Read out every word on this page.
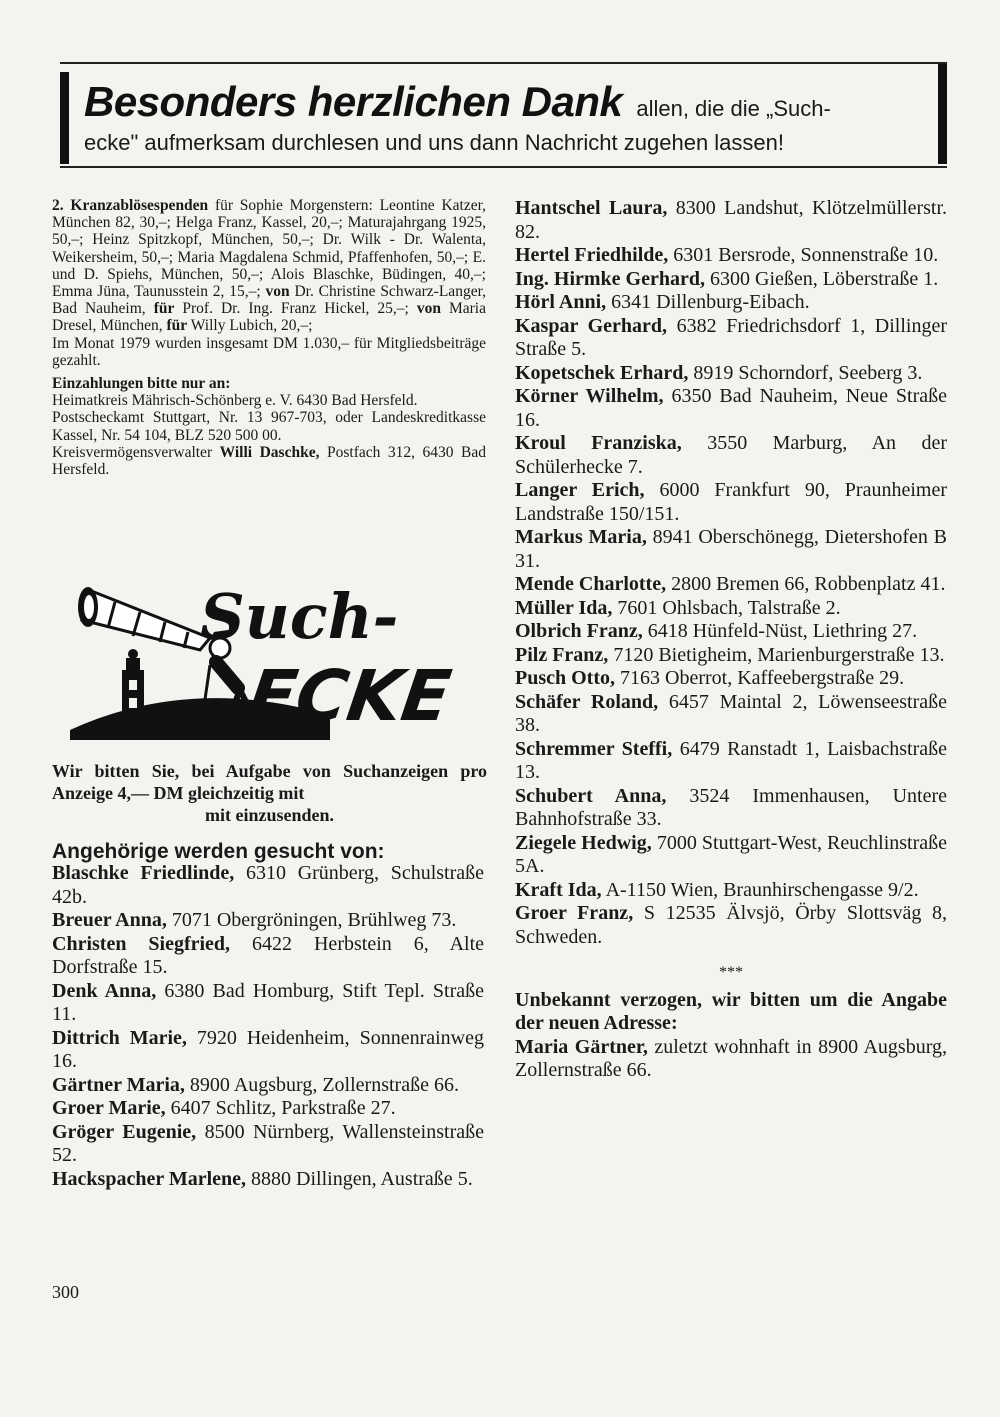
Besonders herzlichen Dank allen, die die „Such-
ecke" aufmerksam durchlesen und uns dann Nachricht zugehen lassen!

2. Kranzablösespenden für Sophie Morgenstern: Leontine Katzer, München 82, 30,–; Helga Franz, Kassel, 20,–; Maturajahrgang 1925, 50,–; Heinz Spitzkopf, München, 50,–; Dr. Wilk - Dr. Walenta, Weikersheim, 50,–; Maria Magdalena Schmid, Pfaffenhofen, 50,–; E. und D. Spiehs, München, 50,–; Alois Blaschke, Büdingen, 40,–; Emma Jüna, Taunusstein 2, 15,–; von Dr. Christine Schwarz-Langer, Bad Nauheim, für Prof. Dr. Ing. Franz Hickel, 25,–; von Maria Dresel, München, für Willy Lubich, 20,–;

Im Monat 1979 wurden insgesamt DM 1.030,– für Mitgliedsbeiträge gezahlt.

Einzahlungen bitte nur an:

Heimatkreis Mährisch-Schönberg e. V. 6430 Bad Hersfeld.

Postscheckamt Stuttgart, Nr. 13 967-703, oder Landeskreditkasse Kassel, Nr. 54 104, BLZ 520 500 00.

Kreisvermögensverwalter Willi Daschke, Postfach 312, 6430 Bad Hersfeld.

Such-
ECKE
Wir bitten Sie, bei Aufgabe von Suchanzeigen pro Anzeige 4,— DM gleichzeitig mit
mit einzusenden.
Angehörige werden gesucht von:

Blaschke Friedlinde, 6310 Grünberg, Schulstraße 42b.

Breuer Anna, 7071 Obergröningen, Brühlweg 73.

Christen Siegfried, 6422 Herbstein 6, Alte Dorfstraße 15.

Denk Anna, 6380 Bad Homburg, Stift Tepl. Straße 11.

Dittrich Marie, 7920 Heidenheim, Sonnenrainweg 16.

Gärtner Maria, 8900 Augsburg, Zollernstraße 66.

Groer Marie, 6407 Schlitz, Parkstraße 27.

Gröger Eugenie, 8500 Nürnberg, Wallensteinstraße 52.

Hackspacher Marlene, 8880 Dillingen, Austraße 5.

Hantschel Laura, 8300 Landshut, Klötzelmüllerstr. 82.

Hertel Friedhilde, 6301 Bersrode, Sonnenstraße 10.

Ing. Hirmke Gerhard, 6300 Gießen, Löberstraße 1.

Hörl Anni, 6341 Dillenburg-Eibach.

Kaspar Gerhard, 6382 Friedrichsdorf 1, Dillinger Straße 5.

Kopetschek Erhard, 8919 Schorndorf, Seeberg 3.

Körner Wilhelm, 6350 Bad Nauheim, Neue Straße 16.

Kroul Franziska, 3550 Marburg, An der Schülerhecke 7.

Langer Erich, 6000 Frankfurt 90, Praunheimer Landstraße 150/151.

Markus Maria, 8941 Oberschönegg, Dietershofen B 31.

Mende Charlotte, 2800 Bremen 66, Robbenplatz 41.

Müller Ida, 7601 Ohlsbach, Talstraße 2.

Olbrich Franz, 6418 Hünfeld-Nüst, Liethring 27.

Pilz Franz, 7120 Bietigheim, Marienburgerstraße 13.

Pusch Otto, 7163 Oberrot, Kaffeebergstraße 29.

Schäfer Roland, 6457 Maintal 2, Löwenseestraße 38.

Schremmer Steffi, 6479 Ranstadt 1, Laisbachstraße 13.

Schubert Anna, 3524 Immenhausen, Untere Bahnhofstraße 33.

Ziegele Hedwig, 7000 Stuttgart-West, Reuchlinstraße 5A.

Kraft Ida, A-1150 Wien, Braunhirschengasse 9/2.

Groer Franz, S 12535 Älvsjö, Örby Slottsväg 8, Schweden.

***

Unbekannt verzogen, wir bitten um die Angabe der neuen Adresse:

Maria Gärtner, zuletzt wohnhaft in 8900 Augsburg, Zollernstraße 66.

300
